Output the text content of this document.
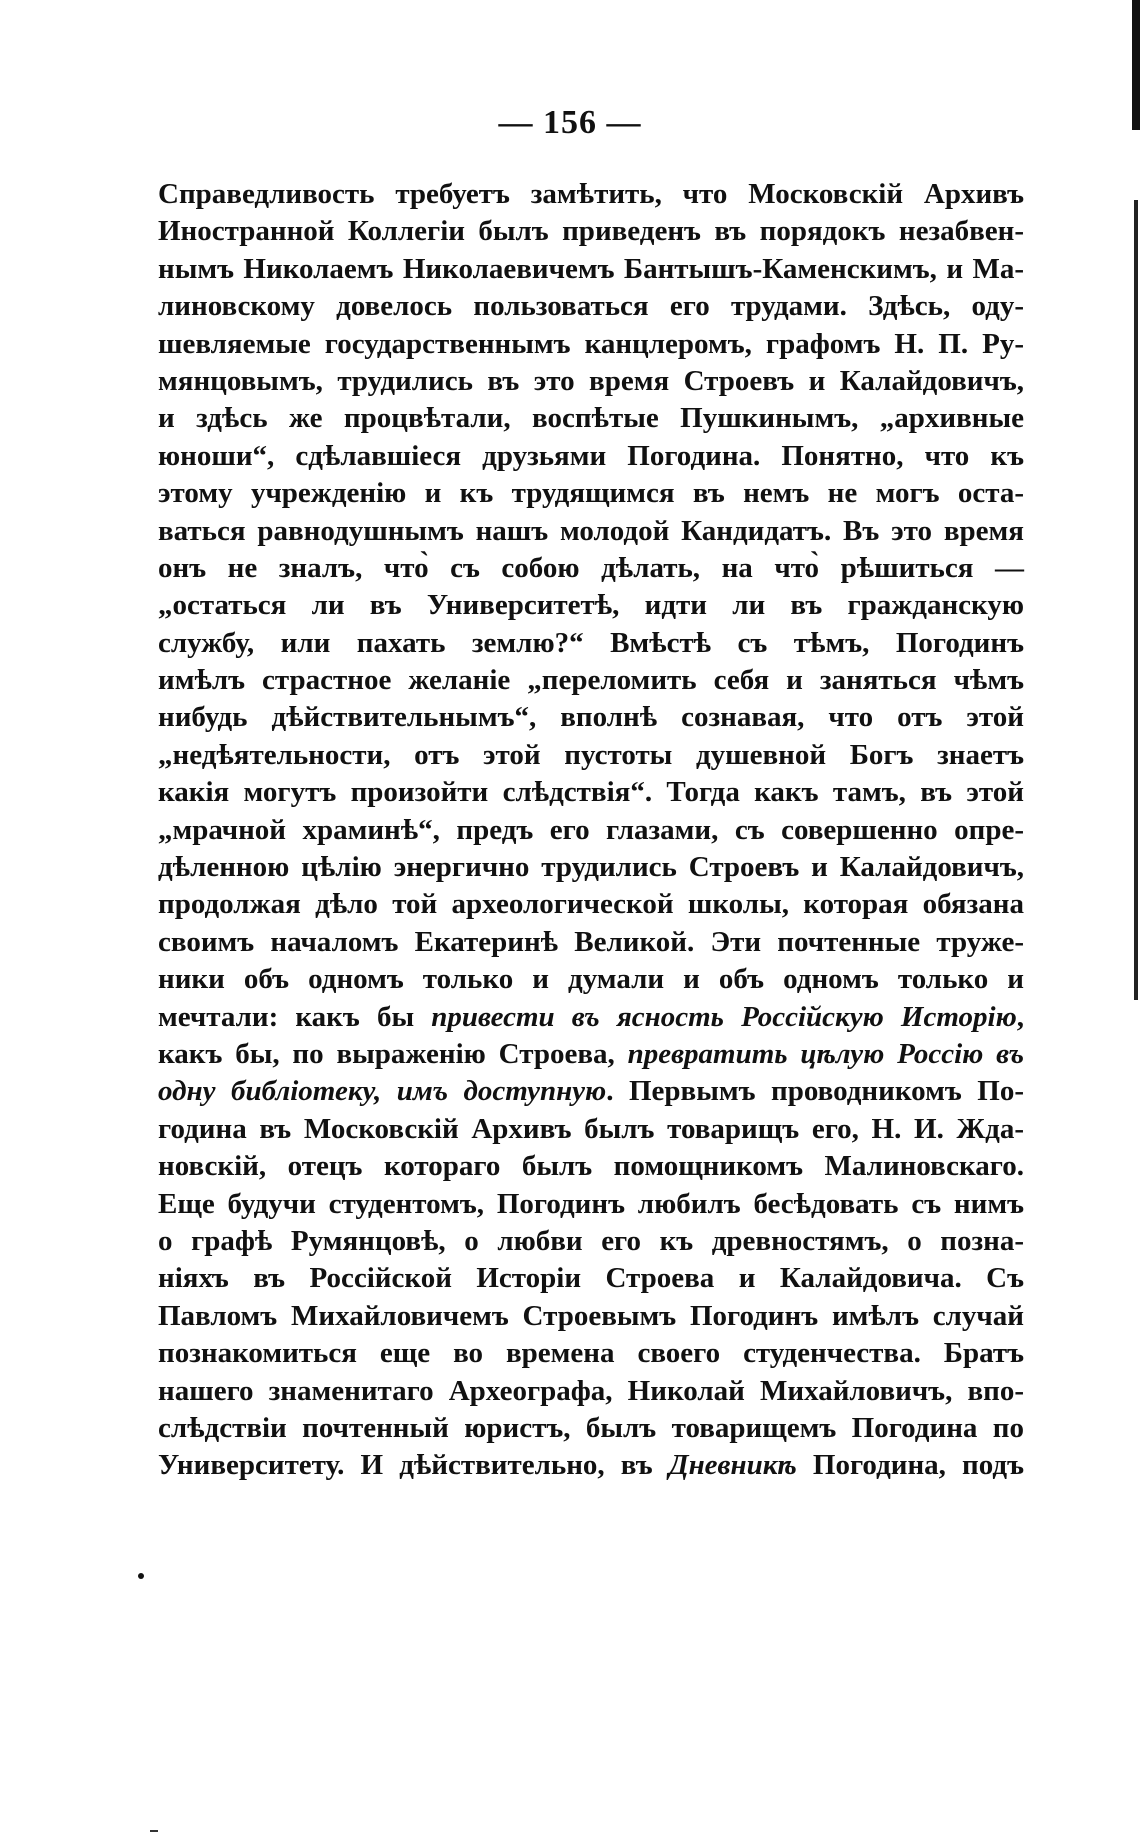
— 156 —
Справедливость требуетъ замѣтить, что Московскій Архивъ
Иностранной Коллегіи былъ приведенъ въ порядокъ незабвен-
нымъ Николаемъ Николаевичемъ Бантышъ-Каменскимъ, и Ма-
линовскому довелось пользоваться его трудами. Здѣсь, оду-
шевляемые государственнымъ канцлеромъ, графомъ Н. П. Ру-
мянцовымъ, трудились въ это время Строевъ и Калайдовичъ,
и здѣсь же процвѣтали, воспѣтые Пушкинымъ, „архивные
юноши“, сдѣлавшіеся друзьями Погодина. Понятно, что къ
этому учрежденію и къ трудящимся въ немъ не могъ оста-
ваться равнодушнымъ нашъ молодой Кандидатъ. Въ это время
онъ не зналъ, что̀ съ собою дѣлать, на что̀ рѣшиться —
„остаться ли въ Университетѣ, идти ли въ гражданскую
службу, или пахать землю?“ Вмѣстѣ съ тѣмъ, Погодинъ
имѣлъ страстное желаніе „переломить себя и заняться чѣмъ
нибудь дѣйствительнымъ“, вполнѣ сознавая, что отъ этой
„недѣятельности, отъ этой пустоты душевной Богъ знаетъ
какія могутъ произойти слѣдствія“. Тогда какъ тамъ, въ этой
„мрачной храминѣ“, предъ его глазами, съ совершенно опре-
дѣленною цѣлію энергично трудились Строевъ и Калайдовичъ,
продолжая дѣло той археологической школы, которая обязана
своимъ началомъ Екатеринѣ Великой. Эти почтенные труже-
ники объ одномъ только и думали и объ одномъ только и
мечтали: какъ бы привести въ ясность Россійскую Исторію,
какъ бы, по выраженію Строева, превратить цѣлую Россію въ
одну библіотеку, имъ доступную. Первымъ проводникомъ По-
година въ Московскій Архивъ былъ товарищъ его, Н. И. Жда-
новскій, отецъ котораго былъ помощникомъ Малиновскаго.
Еще будучи студентомъ, Погодинъ любилъ бесѣдовать съ нимъ
о графѣ Румянцовѣ, о любви его къ древностямъ, о позна-
ніяхъ въ Россійской Исторіи Строева и Калайдовича. Съ
Павломъ Михайловичемъ Строевымъ Погодинъ имѣлъ случай
познакомиться еще во времена своего студенчества. Братъ
нашего знаменитаго Археографа, Николай Михайловичъ, впо-
слѣдствіи почтенный юристъ, былъ товарищемъ Погодина по
Университету. И дѣйствительно, въ Дневникѣ Погодина, подъ
